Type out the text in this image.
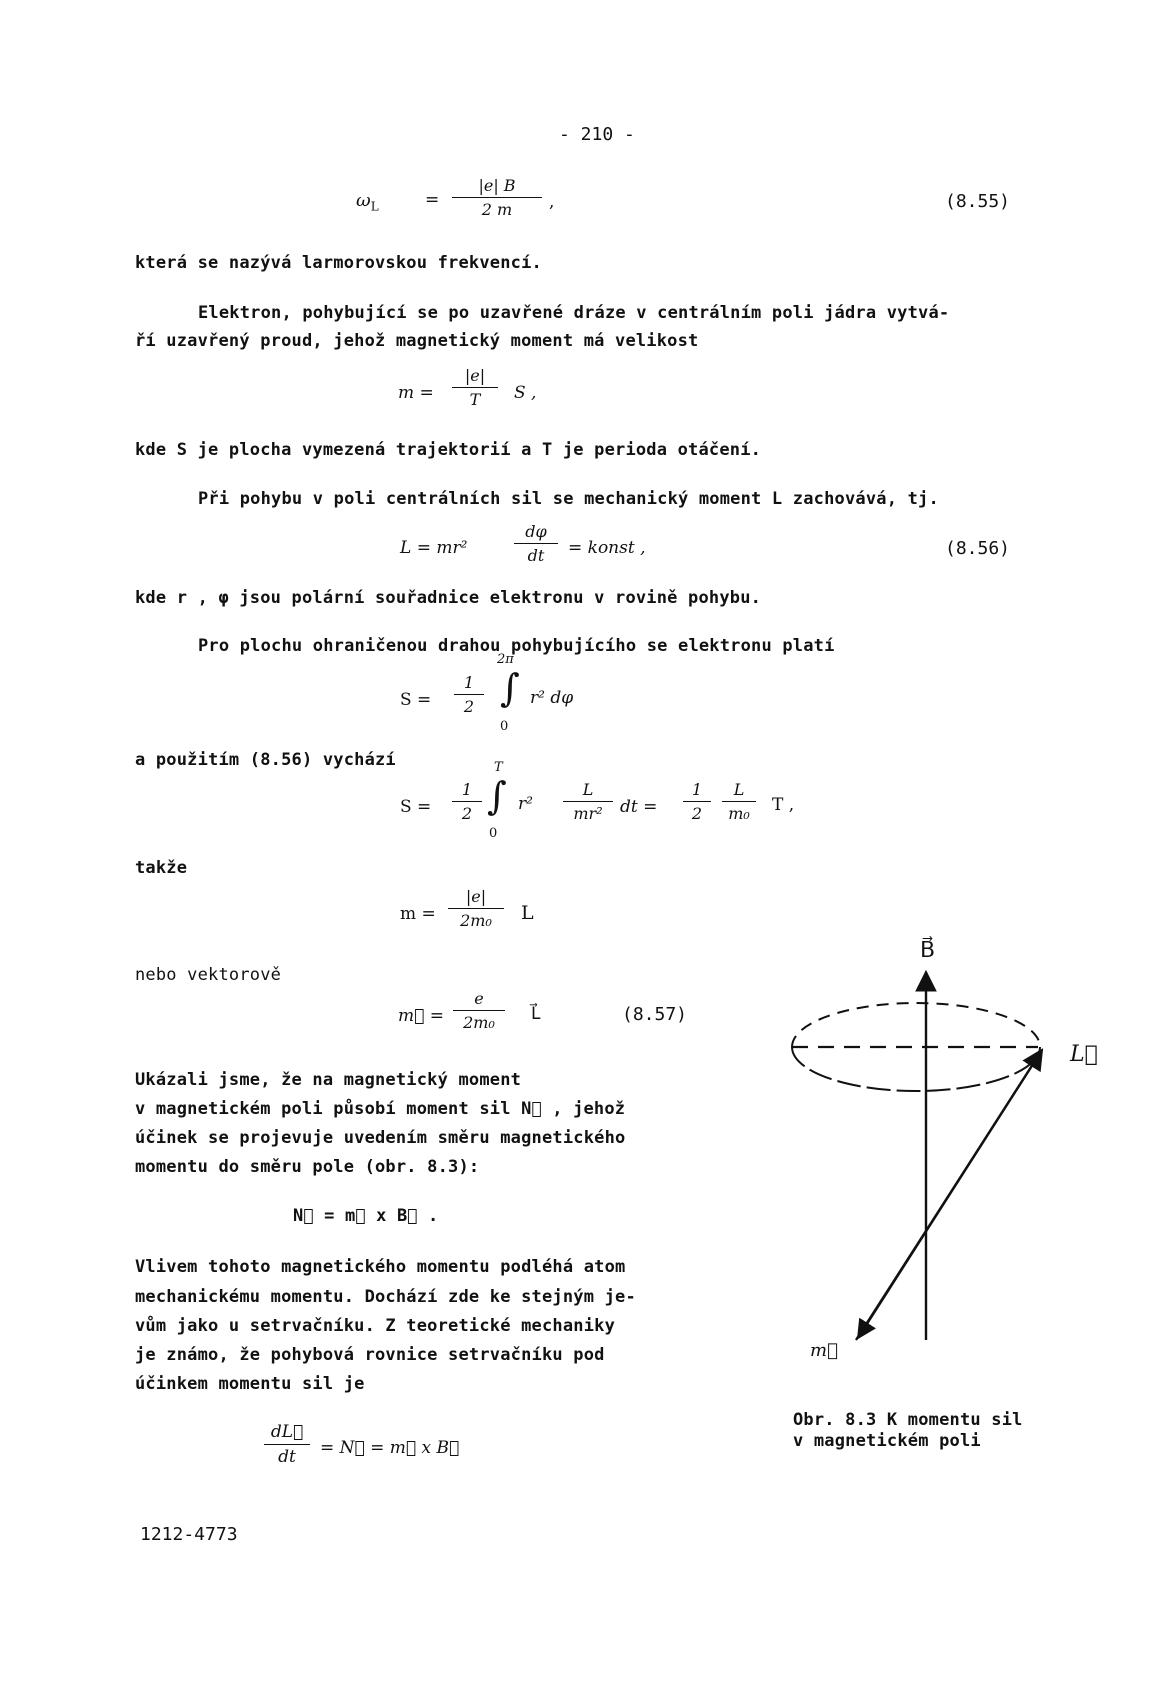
- 210 -
$\omega_L$	= $\frac{|e| B}{2 m}$ ,	(8.55)
která se nazývá larmorovskou frekvencí.
Elektron, pohybující se po uzavřené dráze v centrálním poli jádra vytvá-
ří uzavřený proud, jehož magnetický moment má velikost
$m = \frac{|e|}{T}$ S ,
kde S je plocha vymezená trajektorií a T je perioda otáčení.
Při pohybu v poli centrálních sil se mechanický moment L zachovává, tj.
L = mr²	$\frac{d\varphi}{dt}$ = konst ,	(8.56)
kde r , φ jsou polární souřadnice elektronu v rovině pohybu.
Pro plochu ohraničenou drahou pohybujícího se elektronu platí
$S = \frac{1}{2}$ ∫
2π
0
r² dφ
a použitím (8.56) vychází
$S = \frac{1}{2}$ ∫
T
0
$r^2 \frac{L}{\text{mr²}}$ dt = $\frac{1}{2} \frac{L}{\text{m₀}}$ T ,
takže
$m = \frac{|e|}{\text{2m₀}}$ L
nebo vektorově
m⃗ = $\frac{e}{\text{2m₀}}$ L⃗	(8.57)
Ukázali jsme, že na magnetický moment
v magnetickém poli působí moment sil N⃗ , jehož
účinek se projevuje uvedením směru magnetického
momentu do směru pole (obr. 8.3):
N⃗ = m⃗ x B⃗ .
Vlivem tohoto magnetického momentu podléhá atom
mechanickému momentu. Dochází zde ke stejným je-
vům jako u setrvačníku. Z teoretické mechaniky
je známo, že pohybová rovnice setrvačníku pod
účinkem momentu sil je
$\frac{dL⃗}{dt}$ = N⃗ = m⃗ x B⃗
1212-4773
B⃗
L⃗
m⃗
Obr. 8.3 K momentu sil
v magnetickém poli
